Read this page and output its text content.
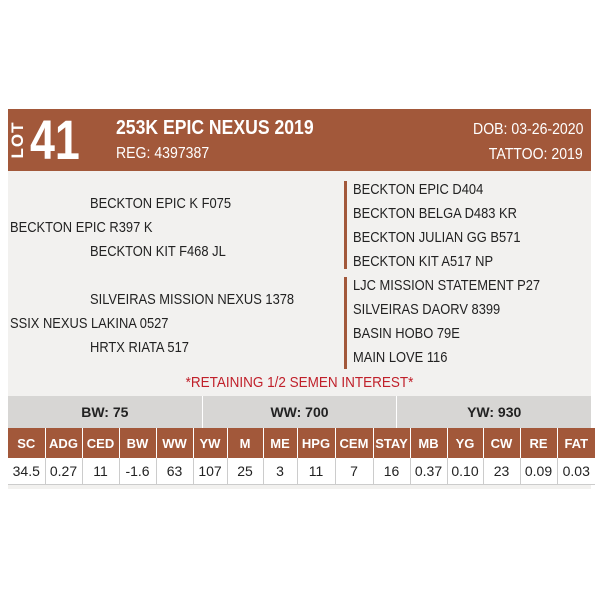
LOT 41 253K EPIC NEXUS 2019
REG: 4397387
DOB: 03-26-2020
TATTOO: 2019
BECKTON EPIC K F075
BECKTON EPIC R397 K
BECKTON KIT F468 JL
SILVEIRAS MISSION NEXUS 1378
SSIX NEXUS LAKINA 0527
HRTX RIATA 517
BECKTON EPIC D404
BECKTON BELGA D483 KR
BECKTON JULIAN GG B571
BECKTON KIT A517 NP
LJC MISSION STATEMENT P27
SILVEIRAS DAORV 8399
BASIN HOBO 79E
MAIN LOVE 116
*RETAINING 1/2 SEMEN INTEREST*
BW: 75	WW: 700	YW: 930
SC	ADG	CED	BW	WW	YW	M	ME	HPG	CEM	STAY	MB	YG	CW	RE	FAT
34.5	0.27	11	-1.6	63	107	25	3	11	7	16	0.37	0.10	23	0.09	0.03
